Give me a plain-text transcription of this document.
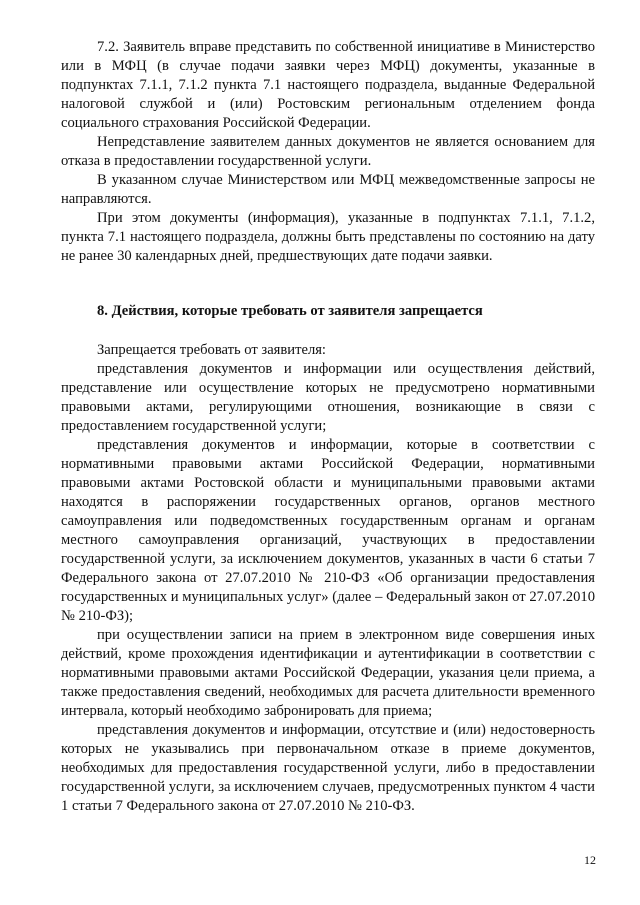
7.2. Заявитель вправе представить по собственной инициативе в Министерство или в МФЦ (в случае подачи заявки через МФЦ) документы, указанные в подпунктах 7.1.1, 7.1.2 пункта 7.1 настоящего подраздела, выданные Федеральной налоговой службой и (или) Ростовским региональным отделением фонда социального страхования Российской Федерации.

Непредставление заявителем данных документов не является основанием для отказа в предоставлении государственной услуги.

В указанном случае Министерством или МФЦ межведомственные запросы не направляются.

При этом документы (информация), указанные в подпунктах 7.1.1, 7.1.2, пункта 7.1 настоящего подраздела, должны быть представлены по состоянию на дату не ранее 30 календарных дней, предшествующих дате подачи заявки.

8. Действия, которые требовать от заявителя запрещается

Запрещается требовать от заявителя:

представления документов и информации или осуществления действий, представление или осуществление которых не предусмотрено нормативными правовыми актами, регулирующими отношения, возникающие в связи с предоставлением государственной услуги;

представления документов и информации, которые в соответствии с нормативными правовыми актами Российской Федерации, нормативными правовыми актами Ростовской области и муниципальными правовыми актами находятся в распоряжении государственных органов, органов местного самоуправления или подведомственных государственным органам и органам местного самоуправления организаций, участвующих в предоставлении государственной услуги, за исключением документов, указанных в части 6 статьи 7 Федерального закона от 27.07.2010 № 210-ФЗ «Об организации предоставления государственных и муниципальных услуг» (далее – Федеральный закон от 27.07.2010 № 210-ФЗ);

при осуществлении записи на прием в электронном виде совершения иных действий, кроме прохождения идентификации и аутентификации в соответствии с нормативными правовыми актами Российской Федерации, указания цели приема, а также предоставления сведений, необходимых для расчета длительности временного интервала, который необходимо забронировать для приема;

представления документов и информации, отсутствие и (или) недостоверность которых не указывались при первоначальном отказе в приеме документов, необходимых для предоставления государственной услуги, либо в предоставлении государственной услуги, за исключением случаев, предусмотренных пунктом 4 части 1 статьи 7 Федерального закона от 27.07.2010 № 210-ФЗ.

12
